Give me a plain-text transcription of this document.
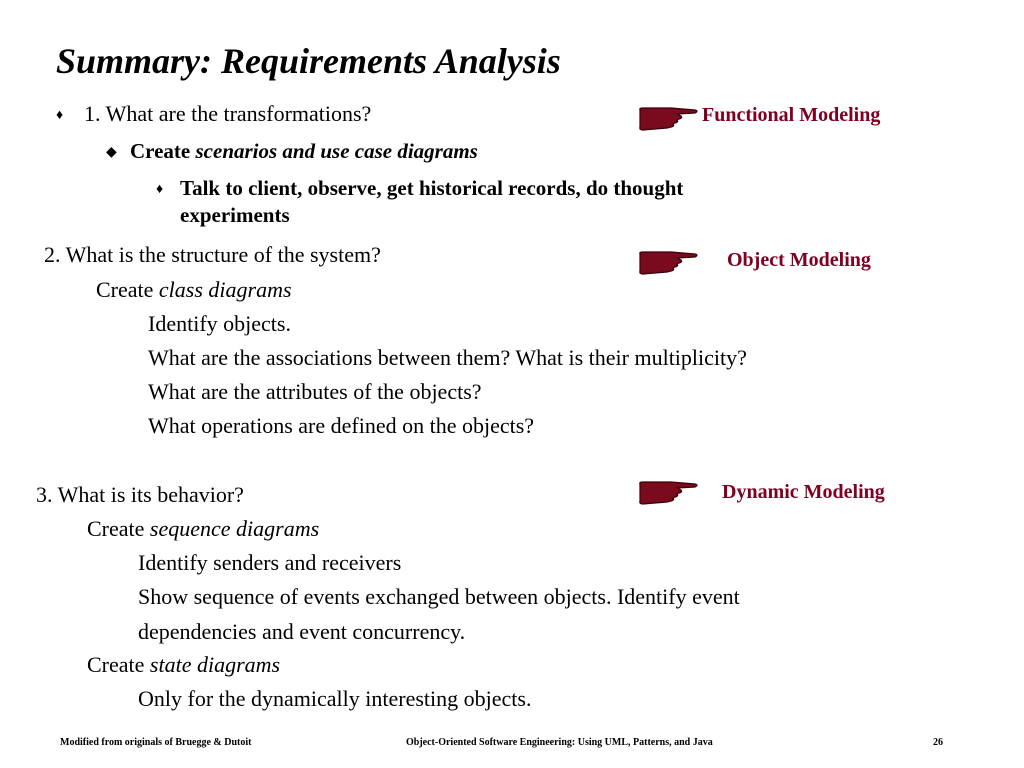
Summary: Requirements Analysis
♦ 1. What are the transformations?
◆ Create scenarios and use case diagrams
♦ Talk to client, observe, get historical records, do thought
experiments
Functional Modeling
2. What is the structure of the system?
Create class diagrams
Identify objects.
What are the associations between them? What is their multiplicity?
What are the attributes of the objects?
What operations are defined on the objects?
Object Modeling
3. What is its behavior?
Create sequence diagrams
Identify senders and receivers
Show sequence of events exchanged between objects. Identify event
dependencies and event concurrency.
Create state diagrams
Only for the dynamically interesting objects.
Dynamic Modeling
Modified from originals of Bruegge & Dutoit	Object-Oriented Software Engineering: Using UML, Patterns, and Java	26
